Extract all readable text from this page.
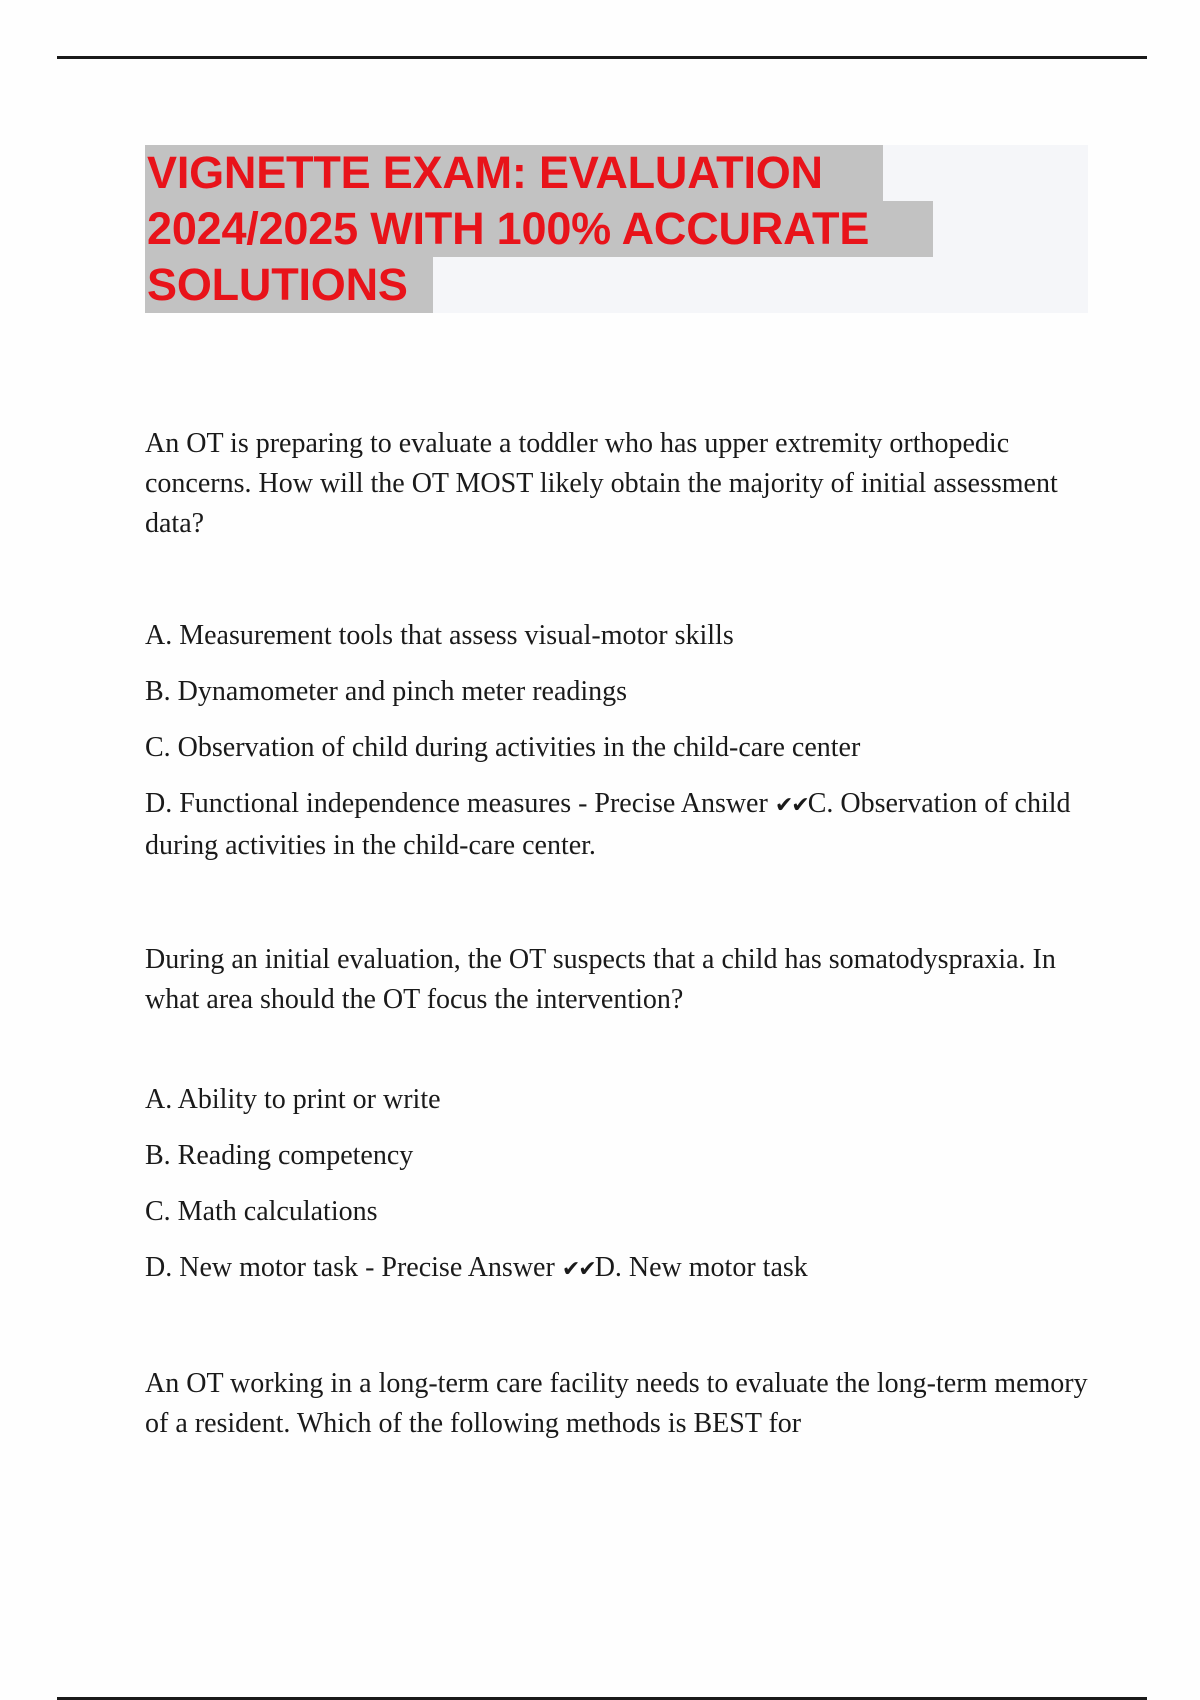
VIGNETTE EXAM: EVALUATION
2024/2025 WITH 100% ACCURATE
SOLUTIONS

An OT is preparing to evaluate a toddler who has upper extremity orthopedic concerns. How will the OT MOST likely obtain the majority of initial assessment data?

A. Measurement tools that assess visual-motor skills
B. Dynamometer and pinch meter readings
C. Observation of child during activities in the child-care center
D. Functional independence measures - Precise Answer ✔✔C. Observation of child during activities in the child-care center.

During an initial evaluation, the OT suspects that a child has somatodyspraxia. In what area should the OT focus the intervention?

A. Ability to print or write
B. Reading competency
C. Math calculations
D. New motor task - Precise Answer ✔✔D. New motor task

An OT working in a long-term care facility needs to evaluate the long-term memory of a resident. Which of the following methods is BEST for
